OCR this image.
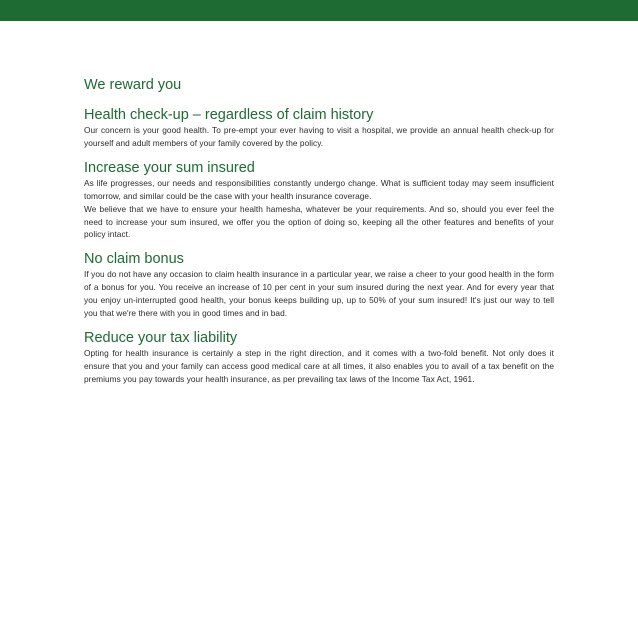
We reward you
Health check-up – regardless of claim history

Our concern is your good health. To pre-empt your ever having to visit a hospital, we provide an annual health check-up for yourself and adult members of your family covered by the policy.

Increase your sum insured

As life progresses, our needs and responsibilities constantly undergo change. What is sufficient today may seem insufficient tomorrow, and similar could be the case with your health insurance coverage.

We believe that we have to ensure your health hamesha, whatever be your requirements. And so, should you ever feel the need to increase your sum insured, we offer you the option of doing so, keeping all the other features and benefits of your policy intact.

No claim bonus

If you do not have any occasion to claim health insurance in a particular year, we raise a cheer to your good health in the form of a bonus for you. You receive an increase of 10 per cent in your sum insured during the next year. And for every year that you enjoy un-interrupted good health, your bonus keeps building up, up to 50% of your sum insured! It's just our way to tell you that we're there with you in good times and in bad.

Reduce your tax liability

Opting for health insurance is certainly a step in the right direction, and it comes with a two-fold benefit. Not only does it ensure that you and your family can access good medical care at all times, it also enables you to avail of a tax benefit on the premiums you pay towards your health insurance, as per prevailing tax laws of the Income Tax Act, 1961.
